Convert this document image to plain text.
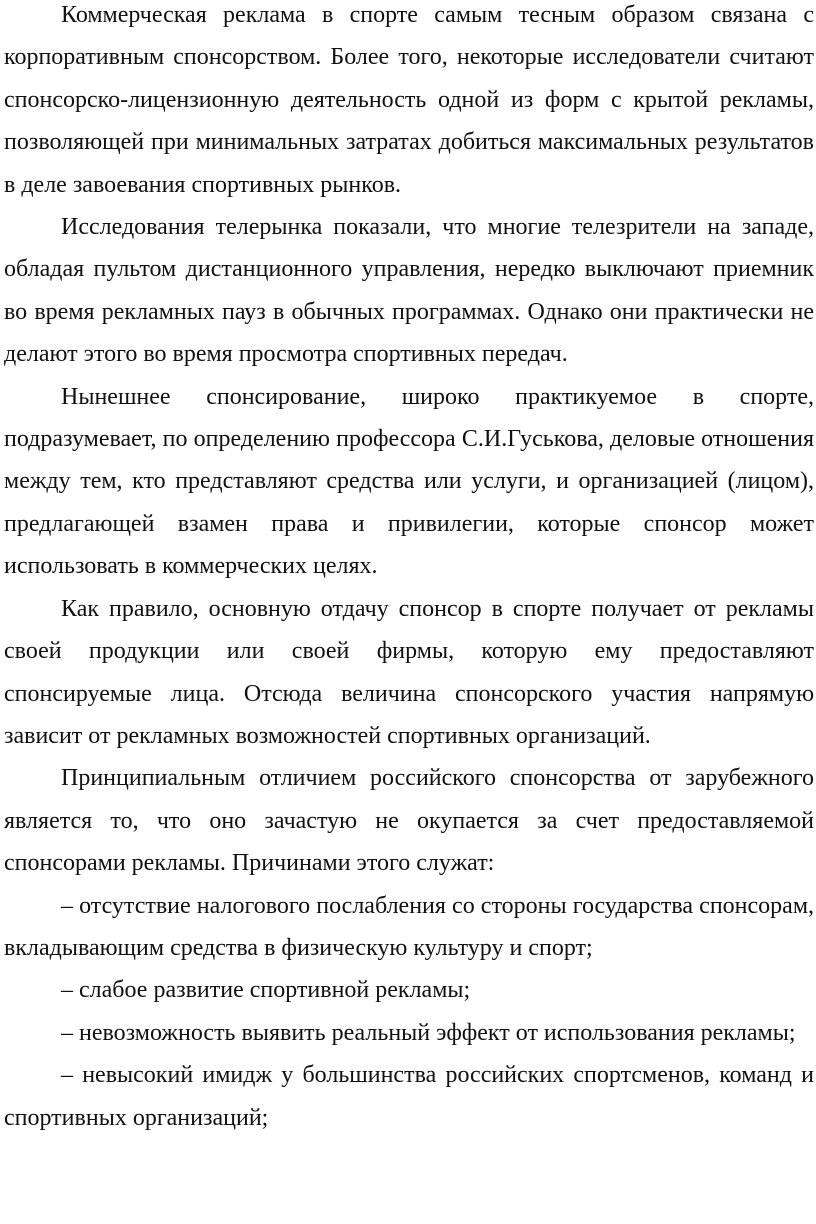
Коммерческая реклама в спорте самым тесным образом связана с корпоративным спонсорством. Более того, некоторые исследователи считают спонсорско-лицензионную деятельность одной из форм с крытой рекламы, позволяющей при минимальных затратах добиться максимальных результатов в деле завоевания спортивных рынков.

Исследования телерынка показали, что многие телезрители на западе, обладая пультом дистанционного управления, нередко выключают приемник во время рекламных пауз в обычных программах. Однако они практически не делают этого во время просмотра спортивных передач.

Нынешнее спонсирование, широко практикуемое в спорте, подразумевает, по определению профессора С.И.Гуськова, деловые отношения между тем, кто представляют средства или услуги, и организацией (лицом), предлагающей взамен права и привилегии, которые спонсор может использовать в коммерческих целях.

Как правило, основную отдачу спонсор в спорте получает от рекламы своей продукции или своей фирмы, которую ему предоставляют спонсируемые лица. Отсюда величина спонсорского участия напрямую зависит от рекламных возможностей спортивных организаций.

Принципиальным отличием российского спонсорства от зарубежного является то, что оно зачастую не окупается за счет предоставляемой спонсорами рекламы. Причинами этого служат:

– отсутствие налогового послабления со стороны государства спонсорам, вкладывающим средства в физическую культуру и спорт;

– слабое развитие спортивной рекламы;

– невозможность выявить реальный эффект от использования рекламы;

– невысокий имидж у большинства российских спортсменов, команд и спортивных организаций;
